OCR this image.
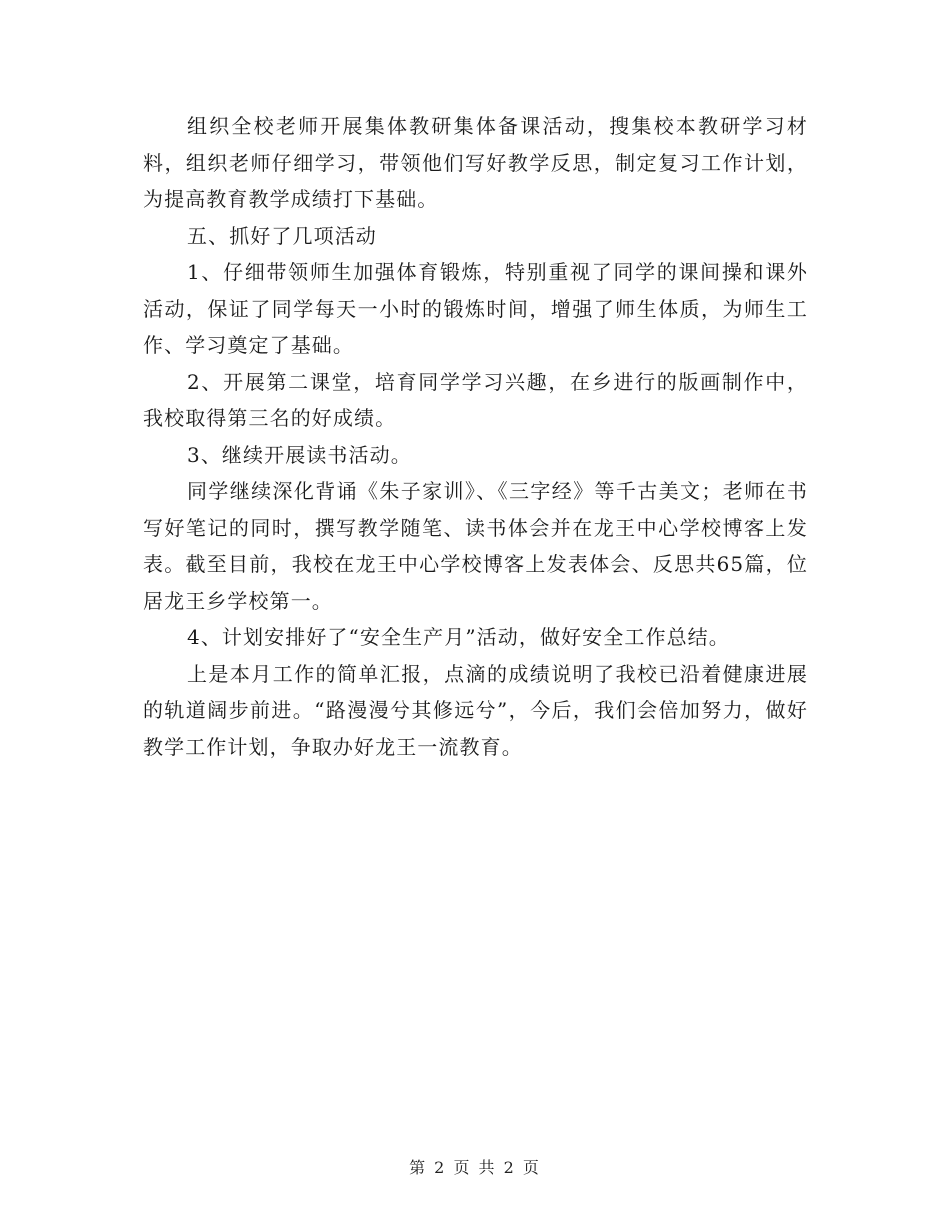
组织全校老师开展集体教研集体备课活动，搜集校本教研学习材料，组织老师仔细学习，带领他们写好教学反思，制定复习工作计划，为提高教育教学成绩打下基础。

五、抓好了几项活动

1、仔细带领师生加强体育锻炼，特别重视了同学的课间操和课外活动，保证了同学每天一小时的锻炼时间，增强了师生体质，为师生工作、学习奠定了基础。

2、开展第二课堂，培育同学学习兴趣，在乡进行的版画制作中，我校取得第三名的好成绩。

3、继续开展读书活动。

同学继续深化背诵《朱子家训》、《三字经》等千古美文；老师在书写好笔记的同时，撰写教学随笔、读书体会并在龙王中心学校博客上发表。截至目前，我校在龙王中心学校博客上发表体会、反思共65篇，位居龙王乡学校第一。

4、计划安排好了“安全生产月”活动，做好安全工作总结。

上是本月工作的简单汇报，点滴的成绩说明了我校已沿着健康进展的轨道阔步前进。“路漫漫兮其修远兮”，今后，我们会倍加努力，做好教学工作计划，争取办好龙王一流教育。

第 2 页 共 2 页
